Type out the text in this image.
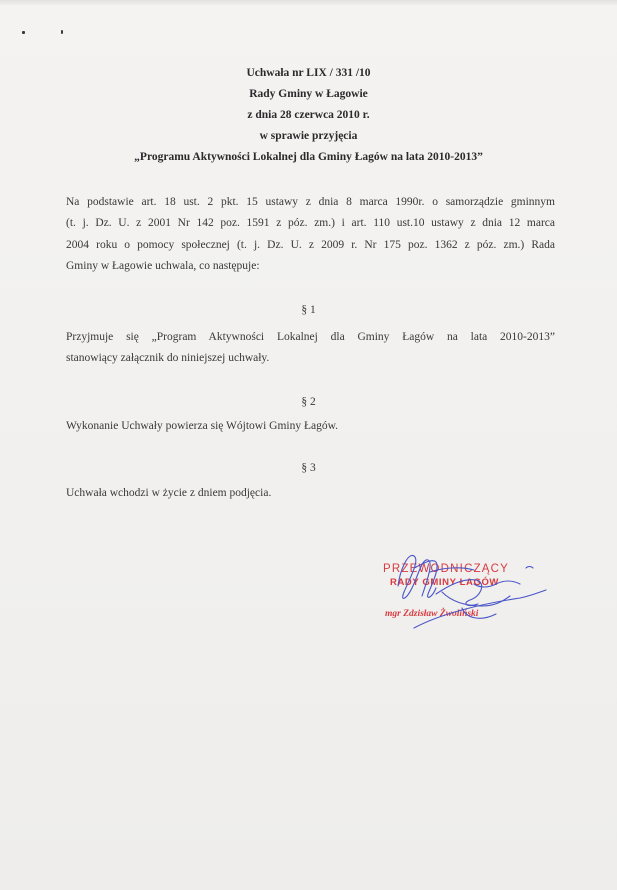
Uchwała nr LIX / 331 /10
Rady Gminy w Łagowie
z dnia 28 czerwca 2010 r.
w sprawie przyjęcia
„Programu Aktywności Lokalnej dla Gminy Łagów na lata 2010-2013”
Na podstawie art. 18 ust. 2 pkt. 15 ustawy z dnia 8 marca 1990r. o samorządzie gminnym
(t. j. Dz. U. z 2001 Nr 142 poz. 1591 z póz. zm.) i art. 110 ust.10 ustawy z dnia 12 marca
2004 roku o pomocy społecznej (t. j. Dz. U. z 2009 r. Nr 175 poz. 1362 z póz. zm.) Rada
Gminy w Łagowie uchwala, co następuje:
§ 1
Przyjmuje się „Program Aktywności Lokalnej dla Gminy Łagów na lata 2010-2013”
stanowiący załącznik do niniejszej uchwały.
§ 2
Wykonanie Uchwały powierza się Wójtowi Gminy Łagów.
§ 3
Uchwała wchodzi w życie z dniem podjęcia.
PRZEWODNICZĄCY
RADY GMINY ŁAGÓW
mgr Zdzisław Żwoliński
